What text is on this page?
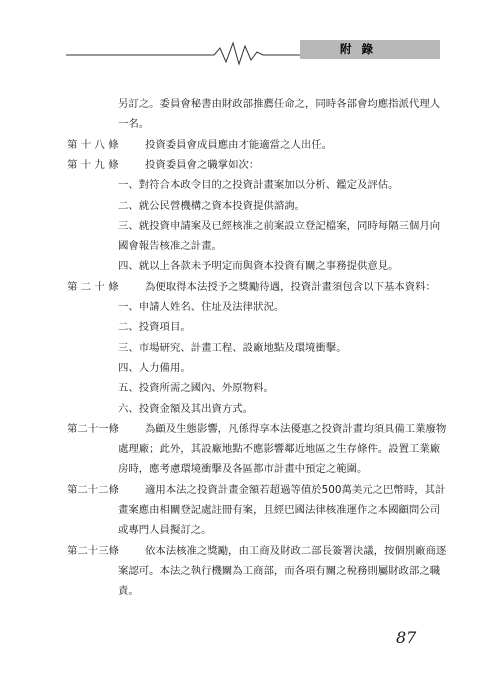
附 錄
另訂之。委員會秘書由財政部推薦任命之，同時各部會均應指派代理人
一名。
第 十 八 條	投資委員會成員應由才能適當之人出任。
第 十 九 條	投資委員會之職掌如次：
一、對符合本政令目的之投資計畫案加以分析、鑑定及評估。
二、就公民營機構之資本投資提供諮詢。
三、就投資申請案及已經核准之前案設立登記檔案，同時每隔三個月向
國會報告核准之計畫。
四、就以上各款未予明定而與資本投資有關之事務提供意見。
第 二 十 條	為便取得本法授予之獎勵待遇，投資計畫須包含以下基本資料：
一、申請人姓名、住址及法律狀況。
二、投資項目。
三、市場研究、計畫工程、設廠地點及環境衝擊。
四、人力備用。
五、投資所需之國內、外原物料。
六、投資金額及其出資方式。
第二十一條	為顧及生態影響，凡係得享本法優惠之投資計畫均須具備工業廢物
處理廠；此外，其設廠地點不應影響鄰近地區之生存條件。設置工業廠
房時，應考慮環境衝擊及各區都市計畫中預定之範圍。
第二十二條	適用本法之投資計畫金額若超過等值於500萬美元之巴幣時，其計
畫案應由相關登記處註冊有案，且經巴國法律核准運作之本國顧問公司
或專門人員擬訂之。
第二十三條	依本法核准之獎勵，由工商及財政二部長簽署決議，按個別廠商逐
案認可。本法之執行機關為工商部，而各項有關之稅務則屬財政部之職
責。
87
